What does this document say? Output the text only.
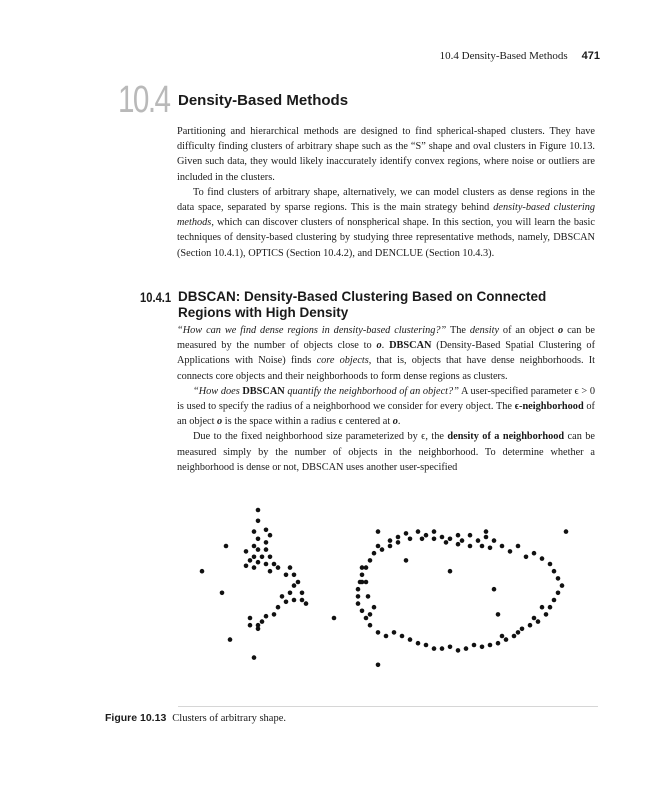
10.4 Density-Based Methods 471
10.4 Density-Based Methods

Partitioning and hierarchical methods are designed to find spherical-shaped clusters. They have difficulty finding clusters of arbitrary shape such as the “S” shape and oval clusters in Figure 10.13. Given such data, they would likely inaccurately identify convex regions, where noise or outliers are included in the clusters.

To find clusters of arbitrary shape, alternatively, we can model clusters as dense regions in the data space, separated by sparse regions. This is the main strategy behind density-based clustering methods, which can discover clusters of nonspherical shape. In this section, you will learn the basic techniques of density-based clustering by studying three representative methods, namely, DBSCAN (Section 10.4.1), OPTICS (Section 10.4.2), and DENCLUE (Section 10.4.3).

10.4.1 DBSCAN: Density-Based Clustering Based on Connected Regions with High Density

“How can we find dense regions in density-based clustering?” The density of an object o can be measured by the number of objects close to o. DBSCAN (Density-Based Spatial Clustering of Applications with Noise) finds core objects, that is, objects that have dense neighborhoods. It connects core objects and their neighborhoods to form dense regions as clusters.

“How does DBSCAN quantify the neighborhood of an object?” A user-specified parameter ϵ > 0 is used to specify the radius of a neighborhood we consider for every object. The ϵ-neighborhood of an object o is the space within a radius ϵ centered at o.

Due to the fixed neighborhood size parameterized by ϵ, the density of a neighborhood can be measured simply by the number of objects in the neighborhood. To determine whether a neighborhood is dense or not, DBSCAN uses another user-specified

Figure 10.13 Clusters of arbitrary shape.
